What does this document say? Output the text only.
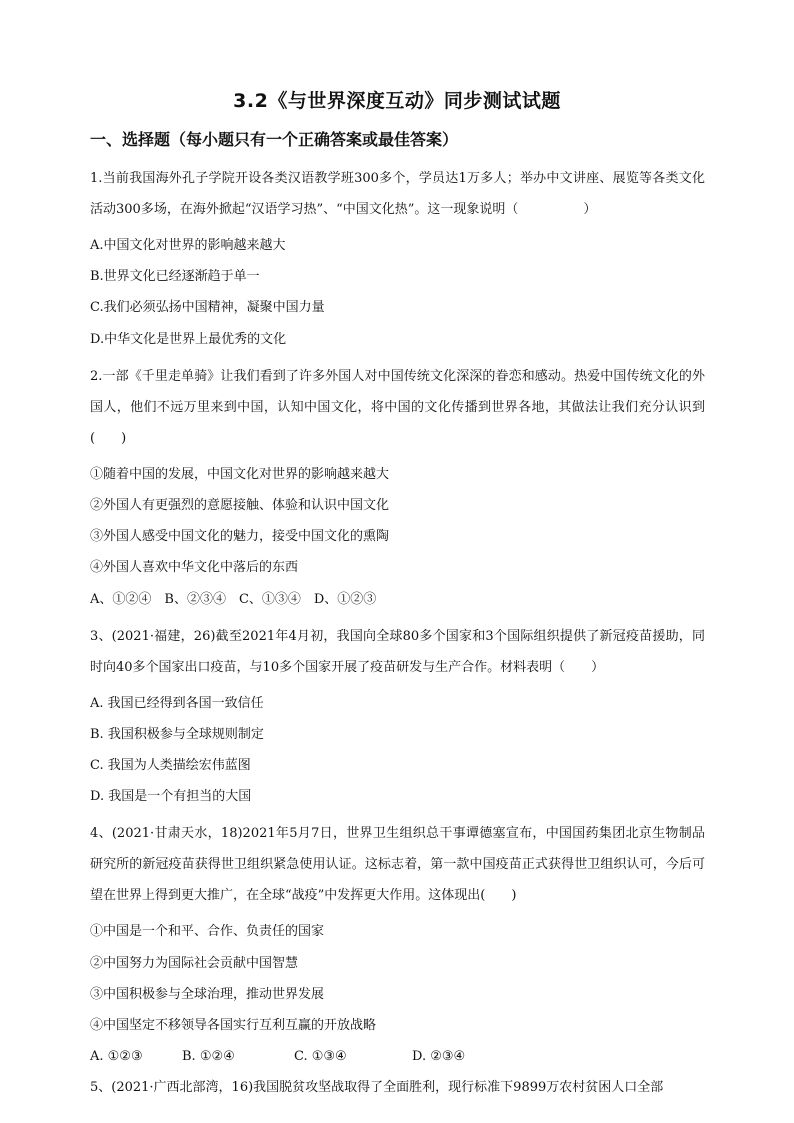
3.2《与世界深度互动》同步测试试题
一、选择题（每小题只有一个正确答案或最佳答案）
1.当前我国海外孔子学院开设各类汉语教学班300多个，学员达1万多人；举办中文讲座、展览等各类文化活动300多场，在海外掀起“汉语学习热”、“中国文化热”。这一现象说明（　　　　　）
A.中国文化对世界的影响越来越大
B.世界文化已经逐渐趋于单一
C.我们必须弘扬中国精神，凝聚中国力量
D.中华文化是世界上最优秀的文化
2.一部《千里走单骑》让我们看到了许多外国人对中国传统文化深深的眷恋和感动。热爱中国传统文化的外国人，他们不远万里来到中国，认知中国文化，将中国的文化传播到世界各地，其做法让我们充分认识到(　　)
①随着中国的发展，中国文化对世界的影响越来越大
②外国人有更强烈的意愿接触、体验和认识中国文化
③外国人感受中国文化的魅力，接受中国文化的熏陶
④外国人喜欢中华文化中落后的东西
A、①②④　B、②③④　C、①③④　D、①②③
3、(2021·福建，26)截至2021年4月初，我国向全球80多个国家和3个国际组织提供了新冠疫苗援助，同时向40多个国家出口疫苗，与10多个国家开展了疫苗研发与生产合作。材料表明（　　）
A. 我国已经得到各国一致信任
B. 我国积极参与全球规则制定
C. 我国为人类描绘宏伟蓝图
D. 我国是一个有担当的大国
4、(2021·甘肃天水，18)2021年5月7日，世界卫生组织总干事谭德塞宣布，中国国药集团北京生物制品研究所的新冠疫苗获得世卫组织紧急使用认证。这标志着，第一款中国疫苗正式获得世卫组织认可，今后可望在世界上得到更大推广，在全球“战疫”中发挥更大作用。这体现出(　　)
①中国是一个和平、合作、负责任的国家
②中国努力为国际社会贡献中国智慧
③中国积极参与全球治理，推动世界发展
④中国坚定不移领导各国实行互利互赢的开放战略
A. ①②③	B. ①②④	C. ①③④	D. ②③④
5、(2021·广西北部湾，16)我国脱贫攻坚战取得了全面胜利，现行标准下9899万农村贫困人口全部
